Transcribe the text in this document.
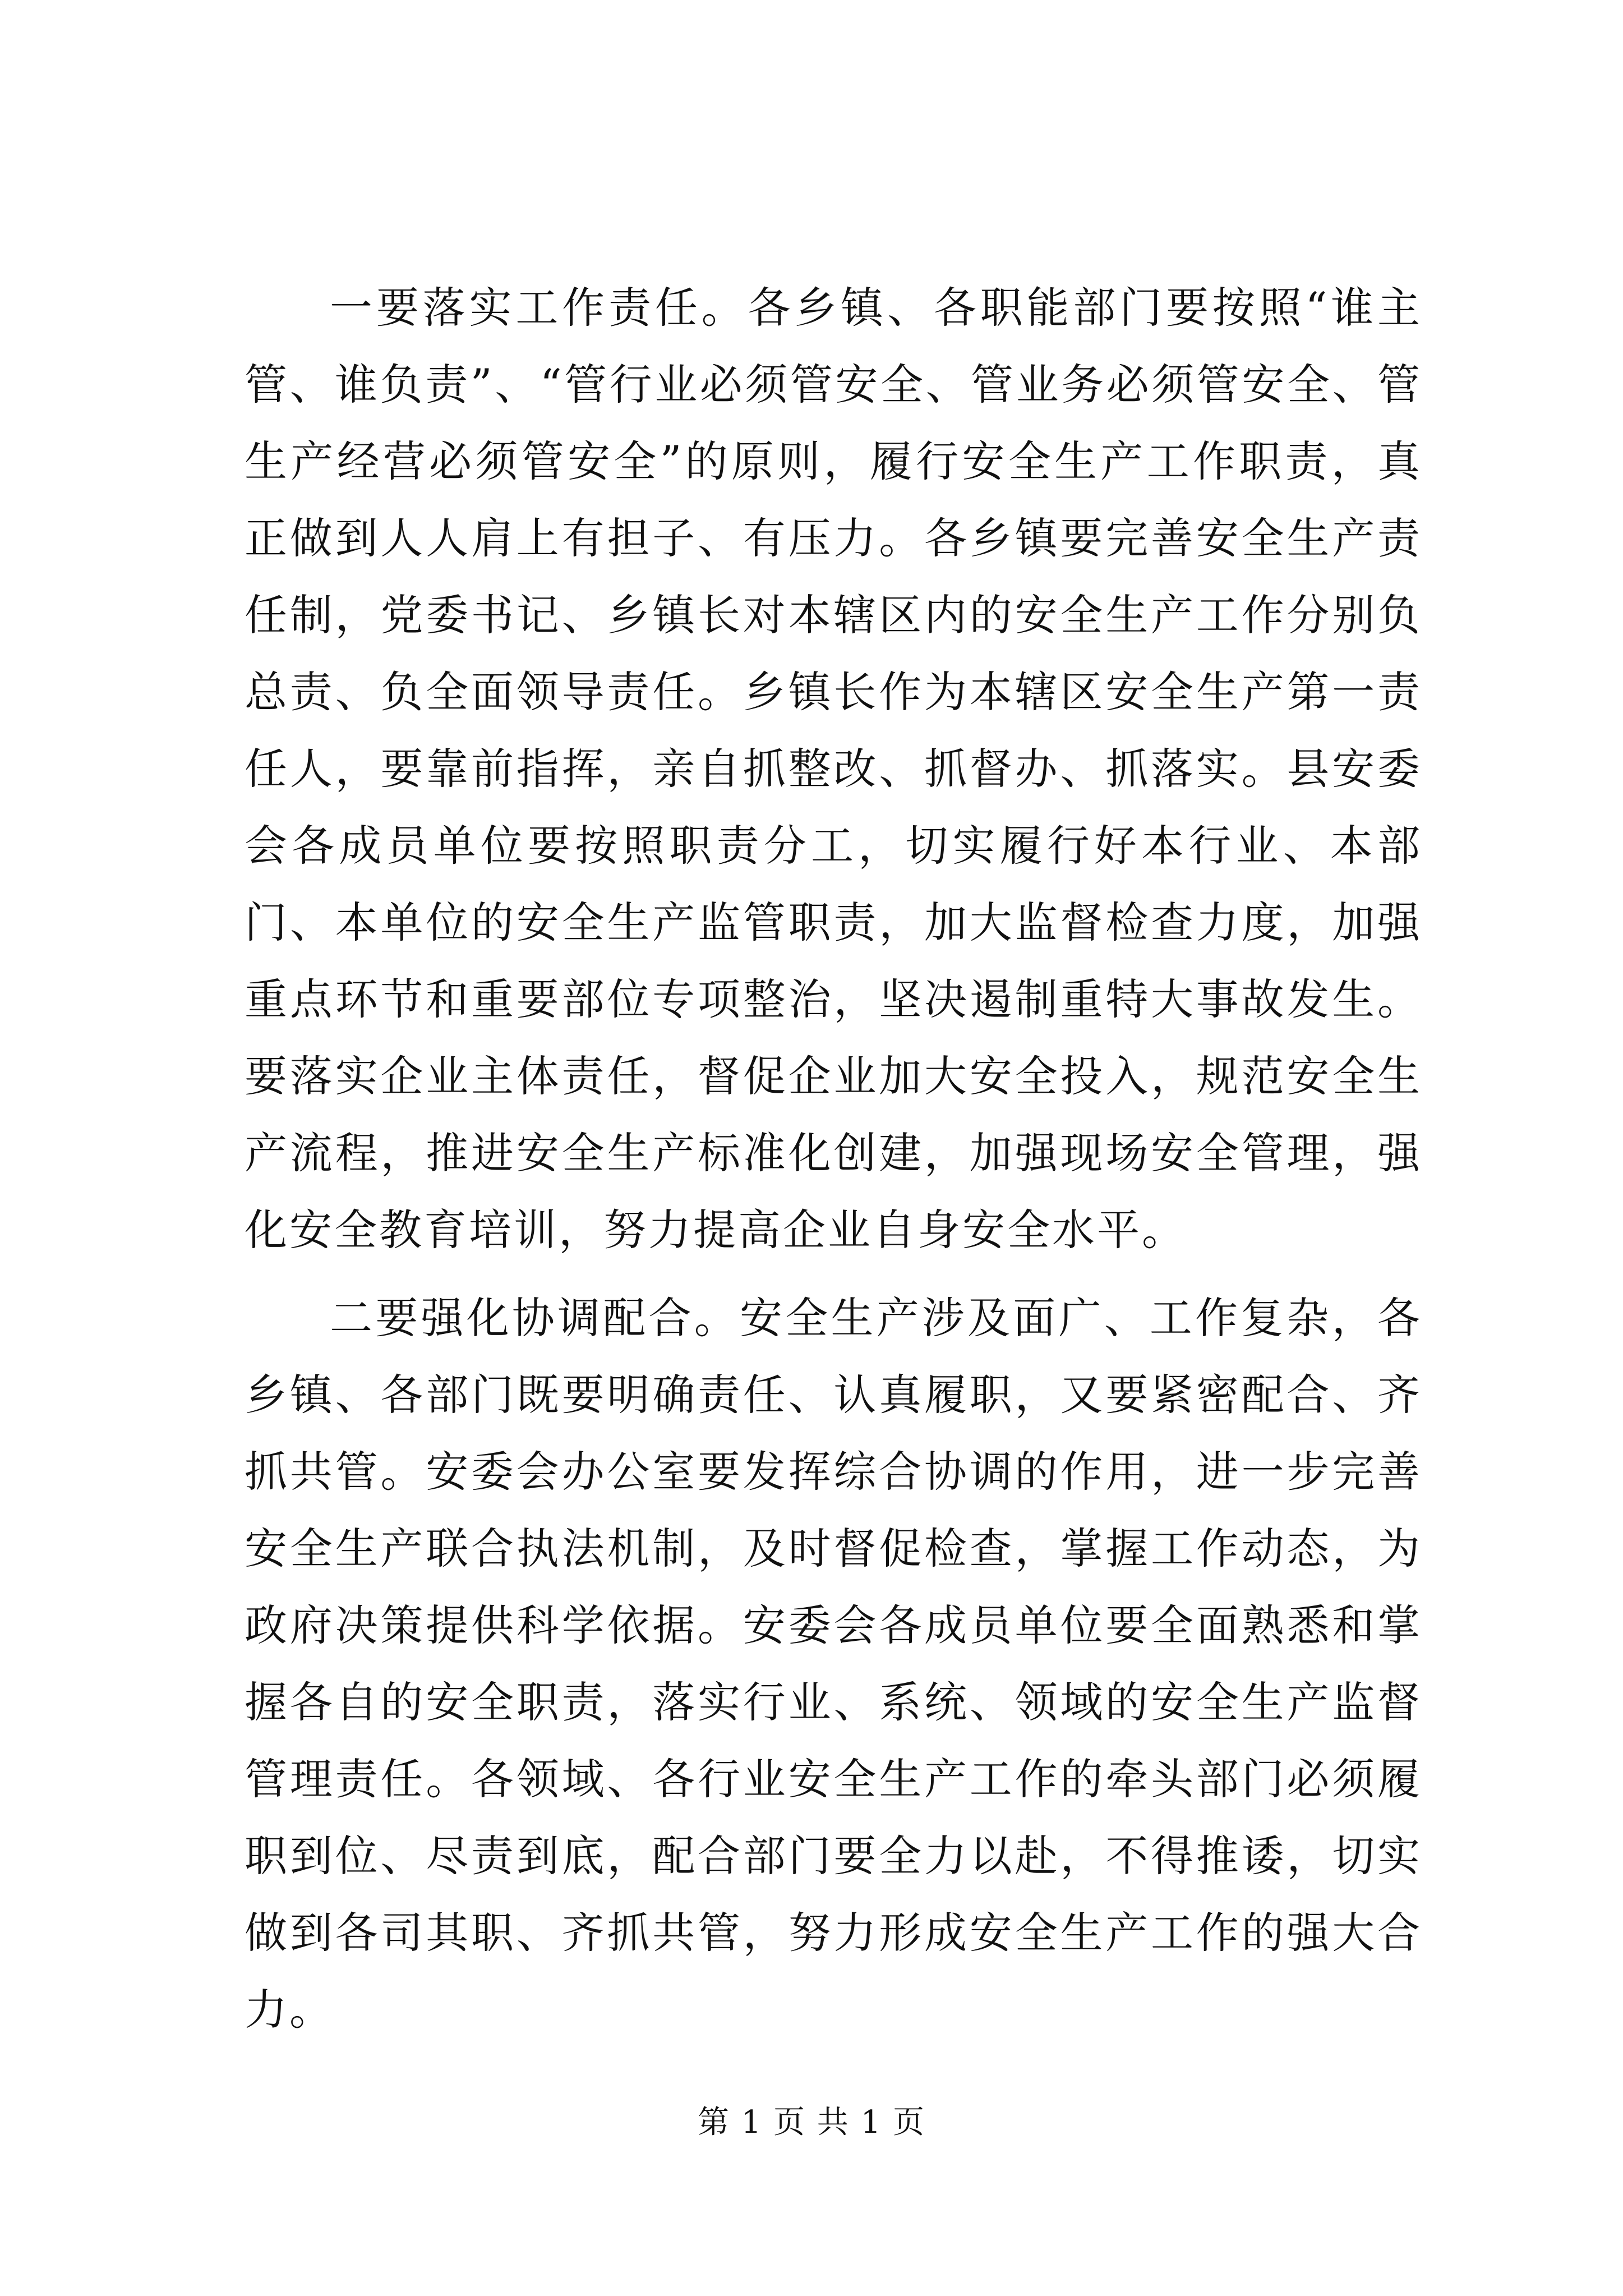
一要落实工作责任。各乡镇、各职能部门要按照“谁主管、谁负责”、“管行业必须管安全、管业务必须管安全、管生产经营必须管安全”的原则，履行安全生产工作职责，真正做到人人肩上有担子、有压力。各乡镇要完善安全生产责任制，党委书记、乡镇长对本辖区内的安全生产工作分别负总责、负全面领导责任。乡镇长作为本辖区安全生产第一责任人，要靠前指挥，亲自抓整改、抓督办、抓落实。县安委会各成员单位要按照职责分工，切实履行好本行业、本部门、本单位的安全生产监管职责，加大监督检查力度，加强重点环节和重要部位专项整治，坚决遏制重特大事故发生。要落实企业主体责任，督促企业加大安全投入，规范安全生产流程，推进安全生产标准化创建，加强现场安全管理，强化安全教育培训，努力提高企业自身安全水平。

二要强化协调配合。安全生产涉及面广、工作复杂，各乡镇、各部门既要明确责任、认真履职，又要紧密配合、齐抓共管。安委会办公室要发挥综合协调的作用，进一步完善安全生产联合执法机制，及时督促检查，掌握工作动态，为政府决策提供科学依据。安委会各成员单位要全面熟悉和掌握各自的安全职责，落实行业、系统、领域的安全生产监督管理责任。各领域、各行业安全生产工作的牵头部门必须履职到位、尽责到底，配合部门要全力以赴，不得推诿，切实做到各司其职、齐抓共管，努力形成安全生产工作的强大合力。

第 1 页 共 1 页
